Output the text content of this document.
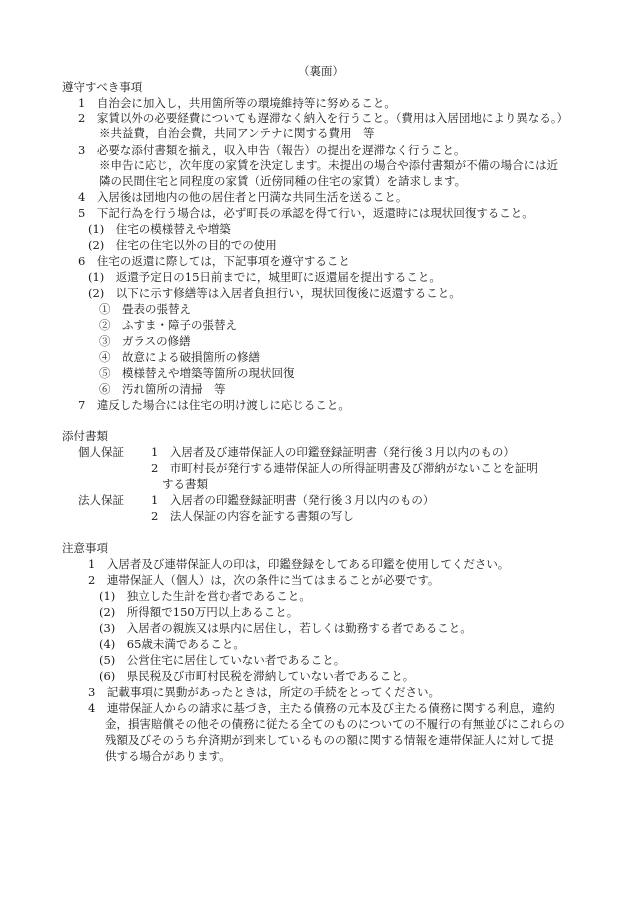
（裏面）
遵守すべき事項
1　自治会に加入し，共用箇所等の環境維持等に努めること。
2　家賃以外の必要経費についても遅滞なく納入を行うこと。（費用は入居団地により異なる。）
※共益費，自治会費，共同アンテナに関する費用　等
3　必要な添付書類を揃え，収入申告（報告）の提出を遅滞なく行うこと。
※申告に応じ，次年度の家賃を決定します。未提出の場合や添付書類が不備の場合には近
隣の民間住宅と同程度の家賃（近傍同種の住宅の家賃）を請求します。
4　入居後は団地内の他の居住者と円満な共同生活を送ること。
5　下記行為を行う場合は，必ず町長の承認を得て行い，返還時には現状回復すること。
(1)　住宅の模様替えや増築
(2)　住宅の住宅以外の目的での使用
6　住宅の返還に際しては，下記事項を遵守すること
(1)　返還予定日の15日前までに，城里町に返還届を提出すること。
(2)　以下に示す修繕等は入居者負担行い，現状回復後に返還すること。
①　畳表の張替え
②　ふすま・障子の張替え
③　ガラスの修繕
④　故意による破損箇所の修繕
⑤　模様替えや増築等箇所の現状回復
⑥　汚れ箇所の清掃　等
7　違反した場合には住宅の明け渡しに応じること。
添付書類
個人保証 1　入居者及び連帯保証人の印鑑登録証明書（発行後３月以内のもの）
2　市町村長が発行する連帯保証人の所得証明書及び滞納がないことを証明
する書類
法人保証 1　入居者の印鑑登録証明書（発行後３月以内のもの）
2　法人保証の内容を証する書類の写し
注意事項
1　入居者及び連帯保証人の印は，印鑑登録をしてある印鑑を使用してください。
2　連帯保証人（個人）は，次の条件に当てはまることが必要です。
(1)　独立した生計を営む者であること。
(2)　所得額で150万円以上あること。
(3)　入居者の親族又は県内に居住し，若しくは勤務する者であること。
(4)　65歳未満であること。
(5)　公営住宅に居住していない者であること。
(6)　県民税及び市町村民税を滞納していない者であること。
3　記載事項に異動があったときは，所定の手続をとってください。
4　連帯保証人からの請求に基づき，主たる債務の元本及び主たる債務に関する利息，違約
金，損害賠償その他その債務に従たる全てのものについての不履行の有無並びにこれらの
残額及びそのうち弁済期が到来しているものの額に関する情報を連帯保証人に対して提
供する場合があります。
